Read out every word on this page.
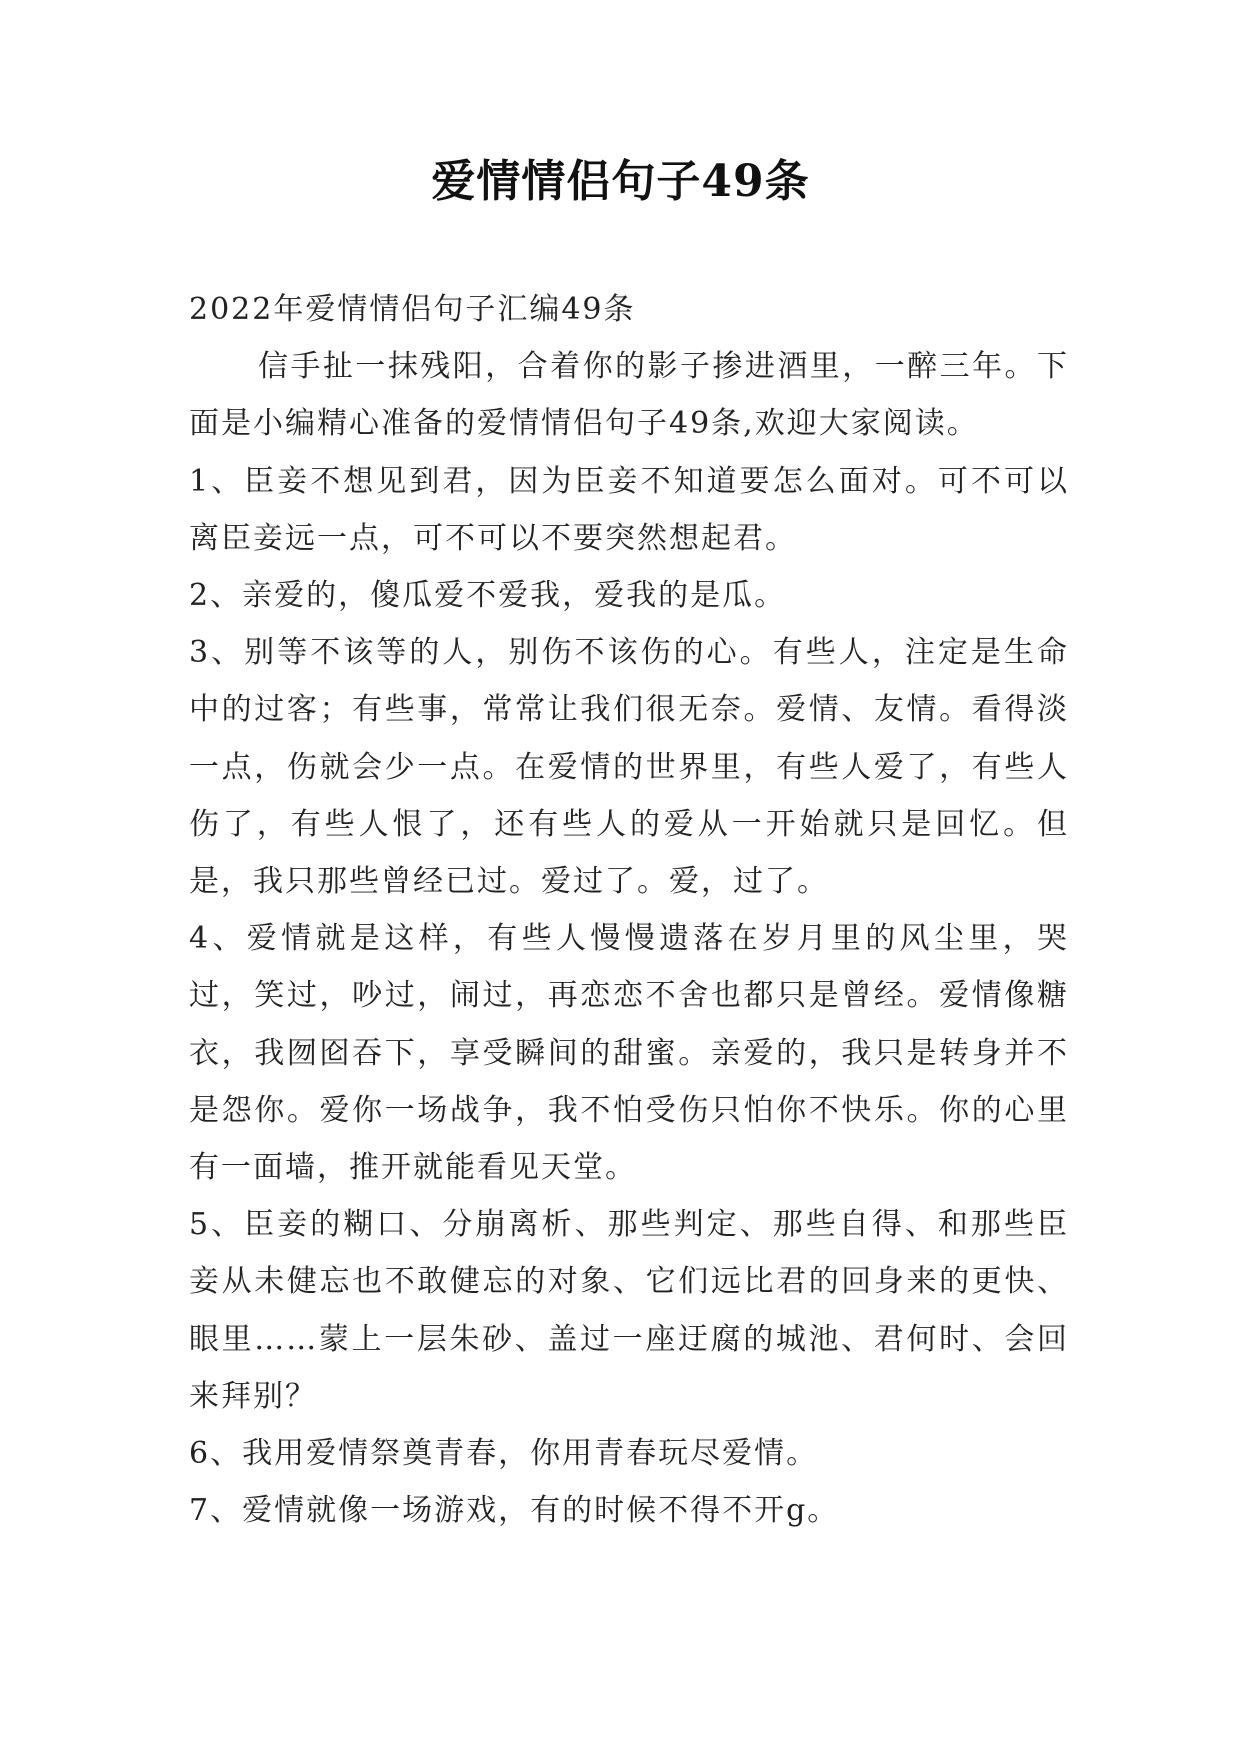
爱情情侣句子49条

2022年爱情情侣句子汇编49条

信手扯一抹残阳，合着你的影子掺进酒里，一醉三年。下面是小编精心准备的爱情情侣句子49条,欢迎大家阅读。

1、臣妾不想见到君，因为臣妾不知道要怎么面对。可不可以离臣妾远一点，可不可以不要突然想起君。

2、亲爱的，傻瓜爱不爱我，爱我的是瓜。

3、别等不该等的人，别伤不该伤的心。有些人，注定是生命中的过客；有些事，常常让我们很无奈。爱情、友情。看得淡一点，伤就会少一点。在爱情的世界里，有些人爱了，有些人伤了，有些人恨了，还有些人的爱从一开始就只是回忆。但是，我只那些曾经已过。爱过了。爱，过了。

4、爱情就是这样，有些人慢慢遗落在岁月里的风尘里，哭过，笑过，吵过，闹过，再恋恋不舍也都只是曾经。爱情像糖衣，我囫囵吞下，享受瞬间的甜蜜。亲爱的，我只是转身并不是怨你。爱你一场战争，我不怕受伤只怕你不快乐。你的心里有一面墙，推开就能看见天堂。

5、臣妾的糊口、分崩离析、那些判定、那些自得、和那些臣妾从未健忘也不敢健忘的对象、它们远比君的回身来的更快、眼里……蒙上一层朱砂、盖过一座迂腐的城池、君何时、会回来拜别？

6、我用爱情祭奠青春，你用青春玩尽爱情。

7、爱情就像一场游戏，有的时候不得不开g。
